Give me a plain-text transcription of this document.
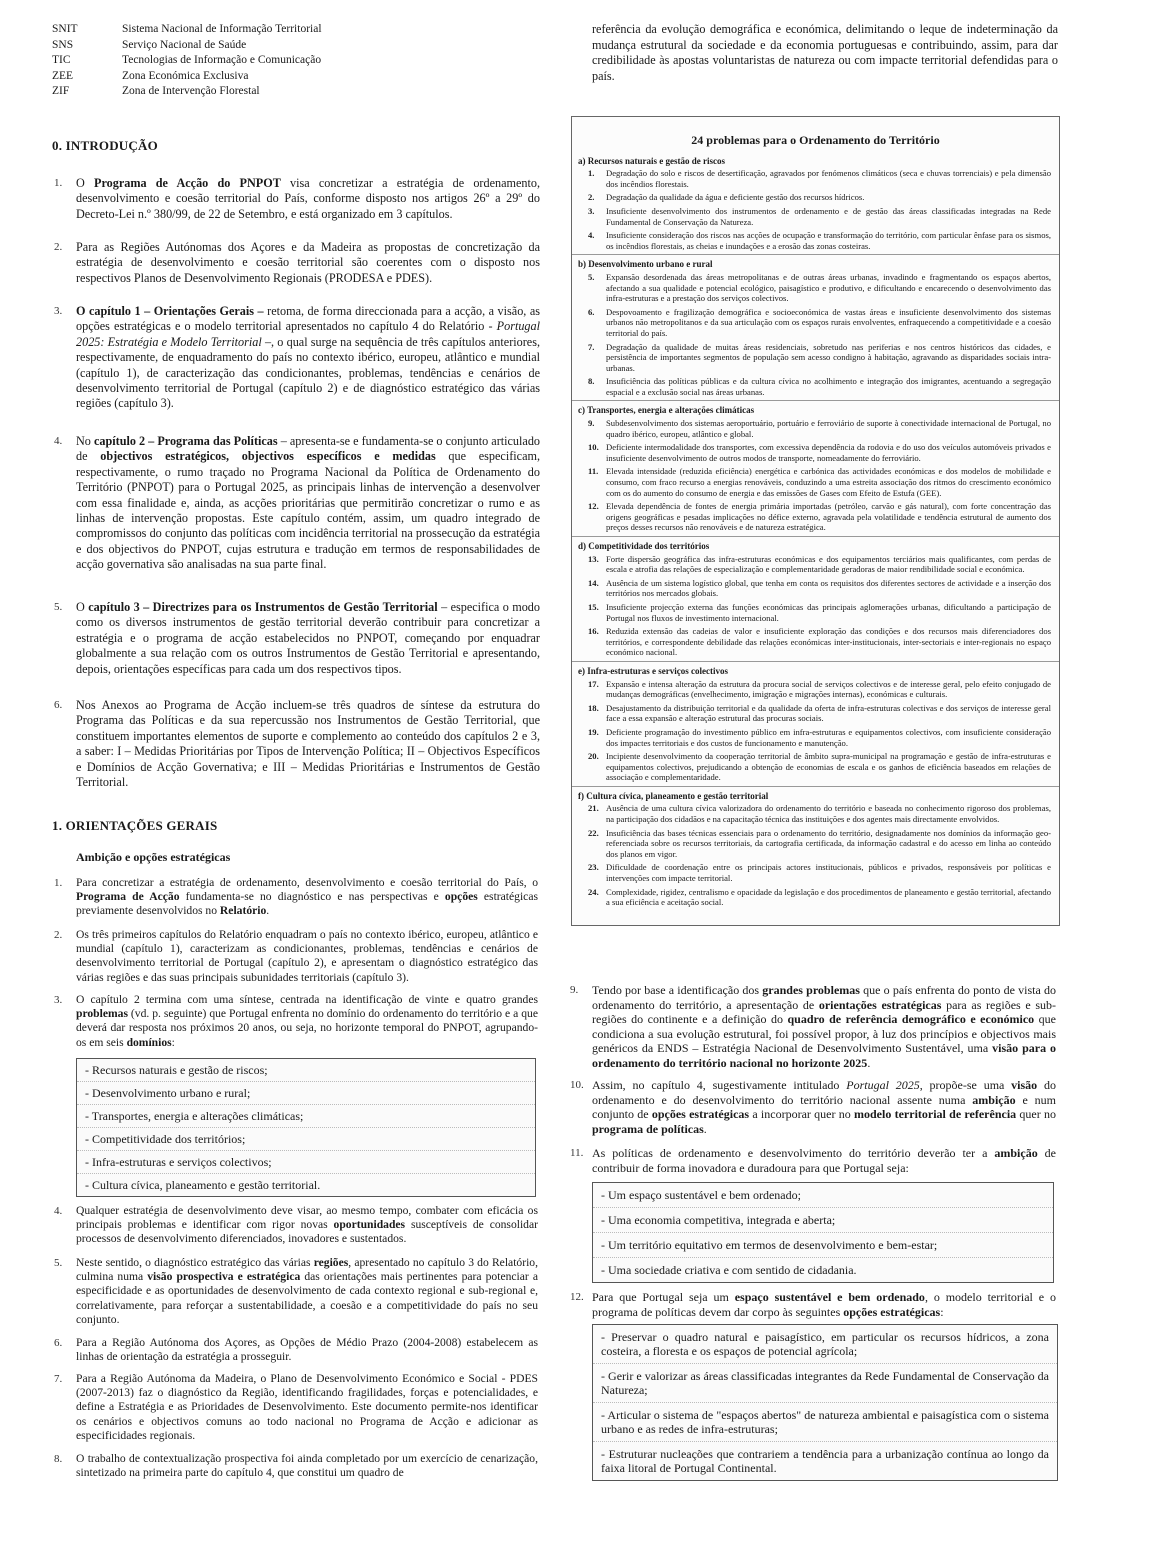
SNIT	Sistema Nacional de Informação Territorial
SNS	Serviço Nacional de Saúde
TIC	Tecnologias de Informação e Comunicação
ZEE	Zona Económica Exclusiva
ZIF	Zona de Intervenção Florestal
referência da evolução demográfica e económica, delimitando o leque de indeterminação da mudança estrutural da sociedade e da economia portuguesas e contribuindo, assim, para dar credibilidade às apostas voluntaristas de natureza ou com impacte territorial defendidas para o país.
0. INTRODUÇÃO
1. O Programa de Acção do PNPOT visa concretizar a estratégia de ordenamento, desenvolvimento e coesão territorial do País, conforme disposto nos artigos 26º a 29º do Decreto-Lei n.º 380/99, de 22 de Setembro, e está organizado em 3 capítulos.
2. Para as Regiões Autónomas dos Açores e da Madeira as propostas de concretização da estratégia de desenvolvimento e coesão territorial são coerentes com o disposto nos respectivos Planos de Desenvolvimento Regionais (PRODESA e PDES).
3. O capítulo 1 – Orientações Gerais – retoma, de forma direccionada para a acção, a visão, as opções estratégicas e o modelo territorial apresentados no capítulo 4 do Relatório - Portugal 2025: Estratégia e Modelo Territorial –, o qual surge na sequência de três capítulos anteriores, respectivamente, de enquadramento do país no contexto ibérico, europeu, atlântico e mundial (capítulo 1), de caracterização das condicionantes, problemas, tendências e cenários de desenvolvimento territorial de Portugal (capítulo 2) e de diagnóstico estratégico das várias regiões (capítulo 3).
4. No capítulo 2 – Programa das Políticas – apresenta-se e fundamenta-se o conjunto articulado de objectivos estratégicos, objectivos específicos e medidas que especificam, respectivamente, o rumo traçado no Programa Nacional da Política de Ordenamento do Território (PNPOT) para o Portugal 2025, as principais linhas de intervenção a desenvolver com essa finalidade e, ainda, as acções prioritárias que permitirão concretizar o rumo e as linhas de intervenção propostas. Este capítulo contém, assim, um quadro integrado de compromissos do conjunto das políticas com incidência territorial na prossecução da estratégia e dos objectivos do PNPOT, cujas estrutura e tradução em termos de responsabilidades de acção governativa são analisadas na sua parte final.
5. O capítulo 3 – Directrizes para os Instrumentos de Gestão Territorial – especifica o modo como os diversos instrumentos de gestão territorial deverão contribuir para concretizar a estratégia e o programa de acção estabelecidos no PNPOT, começando por enquadrar globalmente a sua relação com os outros Instrumentos de Gestão Territorial e apresentando, depois, orientações específicas para cada um dos respectivos tipos.
6. Nos Anexos ao Programa de Acção incluem-se três quadros de síntese da estrutura do Programa das Políticas e da sua repercussão nos Instrumentos de Gestão Territorial, que constituem importantes elementos de suporte e complemento ao conteúdo dos capítulos 2 e 3, a saber: I – Medidas Prioritárias por Tipos de Intervenção Política; II – Objectivos Específicos e Domínios de Acção Governativa; e III – Medidas Prioritárias e Instrumentos de Gestão Territorial.
1. ORIENTAÇÕES GERAIS
Ambição e opções estratégicas
1. Para concretizar a estratégia de ordenamento, desenvolvimento e coesão territorial do País, o Programa de Acção fundamenta-se no diagnóstico e nas perspectivas e opções estratégicas previamente desenvolvidos no Relatório.
2. Os três primeiros capítulos do Relatório enquadram o país no contexto ibérico, europeu, atlântico e mundial (capítulo 1), caracterizam as condicionantes, problemas, tendências e cenários de desenvolvimento territorial de Portugal (capítulo 2), e apresentam o diagnóstico estratégico das várias regiões e das suas principais subunidades territoriais (capítulo 3).
3. O capítulo 2 termina com uma síntese, centrada na identificação de vinte e quatro grandes problemas (vd. p. seguinte) que Portugal enfrenta no domínio do ordenamento do território e a que deverá dar resposta nos próximos 20 anos, ou seja, no horizonte temporal do PNPOT, agrupando-os em seis domínios:
- Recursos naturais e gestão de riscos;
- Desenvolvimento urbano e rural;
- Transportes, energia e alterações climáticas;
- Competitividade dos territórios;
- Infra-estruturas e serviços colectivos;
- Cultura cívica, planeamento e gestão territorial.
4. Qualquer estratégia de desenvolvimento deve visar, ao mesmo tempo, combater com eficácia os principais problemas e identificar com rigor novas oportunidades susceptíveis de consolidar processos de desenvolvimento diferenciados, inovadores e sustentados.
5. Neste sentido, o diagnóstico estratégico das várias regiões, apresentado no capítulo 3 do Relatório, culmina numa visão prospectiva e estratégica das orientações mais pertinentes para potenciar a especificidade e as oportunidades de desenvolvimento de cada contexto regional e sub-regional e, correlativamente, para reforçar a sustentabilidade, a coesão e a competitividade do país no seu conjunto.
6. Para a Região Autónoma dos Açores, as Opções de Médio Prazo (2004-2008) estabelecem as linhas de orientação da estratégia a prosseguir.
7. Para a Região Autónoma da Madeira, o Plano de Desenvolvimento Económico e Social - PDES (2007-2013) faz o diagnóstico da Região, identificando fragilidades, forças e potencialidades, e define a Estratégia e as Prioridades de Desenvolvimento. Este documento permite-nos identificar os cenários e objectivos comuns ao todo nacional no Programa de Acção e adicionar as especificidades regionais.
8. O trabalho de contextualização prospectiva foi ainda completado por um exercício de cenarização, sintetizado na primeira parte do capítulo 4, que constitui um quadro de
24 problemas para o Ordenamento do Território
a) Recursos naturais e gestão de riscos
1.	Degradação do solo e riscos de desertificação, agravados por fenómenos climáticos (seca e chuvas torrenciais) e pela dimensão dos incêndios florestais.
2.	Degradação da qualidade da água e deficiente gestão dos recursos hídricos.
3.	Insuficiente desenvolvimento dos instrumentos de ordenamento e de gestão das áreas classificadas integradas na Rede Fundamental de Conservação da Natureza.
4.	Insuficiente consideração dos riscos nas acções de ocupação e transformação do território, com particular ênfase para os sismos, os incêndios florestais, as cheias e inundações e a erosão das zonas costeiras.
b) Desenvolvimento urbano e rural
5.	Expansão desordenada das áreas metropolitanas e de outras áreas urbanas, invadindo e fragmentando os espaços abertos, afectando a sua qualidade e potencial ecológico, paisagístico e produtivo, e dificultando e encarecendo o desenvolvimento das infra-estruturas e a prestação dos serviços colectivos.
6.	Despovoamento e fragilização demográfica e socioeconómica de vastas áreas e insuficiente desenvolvimento dos sistemas urbanos não metropolitanos e da sua articulação com os espaços rurais envolventes, enfraquecendo a competitividade e a coesão territorial do país.
7.	Degradação da qualidade de muitas áreas residenciais, sobretudo nas periferias e nos centros históricos das cidades, e persistência de importantes segmentos de população sem acesso condigno à habitação, agravando as disparidades sociais intra-urbanas.
8.	Insuficiência das políticas públicas e da cultura cívica no acolhimento e integração dos imigrantes, acentuando a segregação espacial e a exclusão social nas áreas urbanas.
c) Transportes, energia e alterações climáticas
9.	Subdesenvolvimento dos sistemas aeroportuário, portuário e ferroviário de suporte à conectividade internacional de Portugal, no quadro ibérico, europeu, atlântico e global.
10. Deficiente intermodalidade dos transportes, com excessiva dependência da rodovia e do uso dos veículos automóveis privados e insuficiente desenvolvimento de outros modos de transporte, nomeadamente do ferroviário.
11. Elevada intensidade (reduzida eficiência) energética e carbónica das actividades económicas e dos modelos de mobilidade e consumo, com fraco recurso a energias renováveis, conduzindo a uma estreita associação dos ritmos do crescimento económico com os do aumento do consumo de energia e das emissões de Gases com Efeito de Estufa (GEE).
12. Elevada dependência de fontes de energia primária importadas (petróleo, carvão e gás natural), com forte concentração das origens geográficas e pesadas implicações no défice externo, agravada pela volatilidade e tendência estrutural de aumento dos preços desses recursos não renováveis e de natureza estratégica.
d) Competitividade dos territórios
13. Forte dispersão geográfica das infra-estruturas económicas e dos equipamentos terciários mais qualificantes, com perdas de escala e atrofia das relações de especialização e complementaridade geradoras de maior rendibilidade social e económica.
14. Ausência de um sistema logístico global, que tenha em conta os requisitos dos diferentes sectores de actividade e a inserção dos territórios nos mercados globais.
15. Insuficiente projecção externa das funções económicas das principais aglomerações urbanas, dificultando a participação de Portugal nos fluxos de investimento internacional.
16. Reduzida extensão das cadeias de valor e insuficiente exploração das condições e dos recursos mais diferenciadores dos territórios, e correspondente debilidade das relações económicas inter-institucionais, inter-sectoriais e inter-regionais no espaço económico nacional.
e) Infra-estruturas e serviços colectivos
17. Expansão e intensa alteração da estrutura da procura social de serviços colectivos e de interesse geral, pelo efeito conjugado de mudanças demográficas (envelhecimento, imigração e migrações internas), económicas e culturais.
18. Desajustamento da distribuição territorial e da qualidade da oferta de infra-estruturas colectivas e dos serviços de interesse geral face a essa expansão e alteração estrutural das procuras sociais.
19. Deficiente programação do investimento público em infra-estruturas e equipamentos colectivos, com insuficiente consideração dos impactes territoriais e dos custos de funcionamento e manutenção.
20. Incipiente desenvolvimento da cooperação territorial de âmbito supra-municipal na programação e gestão de infra-estruturas e equipamentos colectivos, prejudicando a obtenção de economias de escala e os ganhos de eficiência baseados em relações de associação e complementaridade.
f) Cultura cívica, planeamento e gestão territorial
21. Ausência de uma cultura cívica valorizadora do ordenamento do território e baseada no conhecimento rigoroso dos problemas, na participação dos cidadãos e na capacitação técnica das instituições e dos agentes mais directamente envolvidos.
22. Insuficiência das bases técnicas essenciais para o ordenamento do território, designadamente nos domínios da informação geo-referenciada sobre os recursos territoriais, da cartografia certificada, da informação cadastral e do acesso em linha ao conteúdo dos planos em vigor.
23. Dificuldade de coordenação entre os principais actores institucionais, públicos e privados, responsáveis por políticas e intervenções com impacte territorial.
24. Complexidade, rigidez, centralismo e opacidade da legislação e dos procedimentos de planeamento e gestão territorial, afectando a sua eficiência e aceitação social.
9. Tendo por base a identificação dos grandes problemas que o país enfrenta do ponto de vista do ordenamento do território, a apresentação de orientações estratégicas para as regiões e sub-regiões do continente e a definição do quadro de referência demográfico e económico que condiciona a sua evolução estrutural, foi possível propor, à luz dos princípios e objectivos mais genéricos da ENDS – Estratégia Nacional de Desenvolvimento Sustentável, uma visão para o ordenamento do território nacional no horizonte 2025.
10. Assim, no capítulo 4, sugestivamente intitulado Portugal 2025, propõe-se uma visão do ordenamento e do desenvolvimento do território nacional assente numa ambição e num conjunto de opções estratégicas a incorporar quer no modelo territorial de referência quer no programa de políticas.
11. As políticas de ordenamento e desenvolvimento do território deverão ter a ambição de contribuir de forma inovadora e duradoura para que Portugal seja:
- Um espaço sustentável e bem ordenado;
- Uma economia competitiva, integrada e aberta;
- Um território equitativo em termos de desenvolvimento e bem-estar;
- Uma sociedade criativa e com sentido de cidadania.
12. Para que Portugal seja um espaço sustentável e bem ordenado, o modelo territorial e o programa de políticas devem dar corpo às seguintes opções estratégicas:
- Preservar o quadro natural e paisagístico, em particular os recursos hídricos, a zona costeira, a floresta e os espaços de potencial agrícola;
- Gerir e valorizar as áreas classificadas integrantes da Rede Fundamental de Conservação da Natureza;
- Articular o sistema de "espaços abertos" de natureza ambiental e paisagística com o sistema urbano e as redes de infra-estruturas;
- Estruturar nucleações que contrariem a tendência para a urbanização contínua ao longo da faixa litoral de Portugal Continental.
